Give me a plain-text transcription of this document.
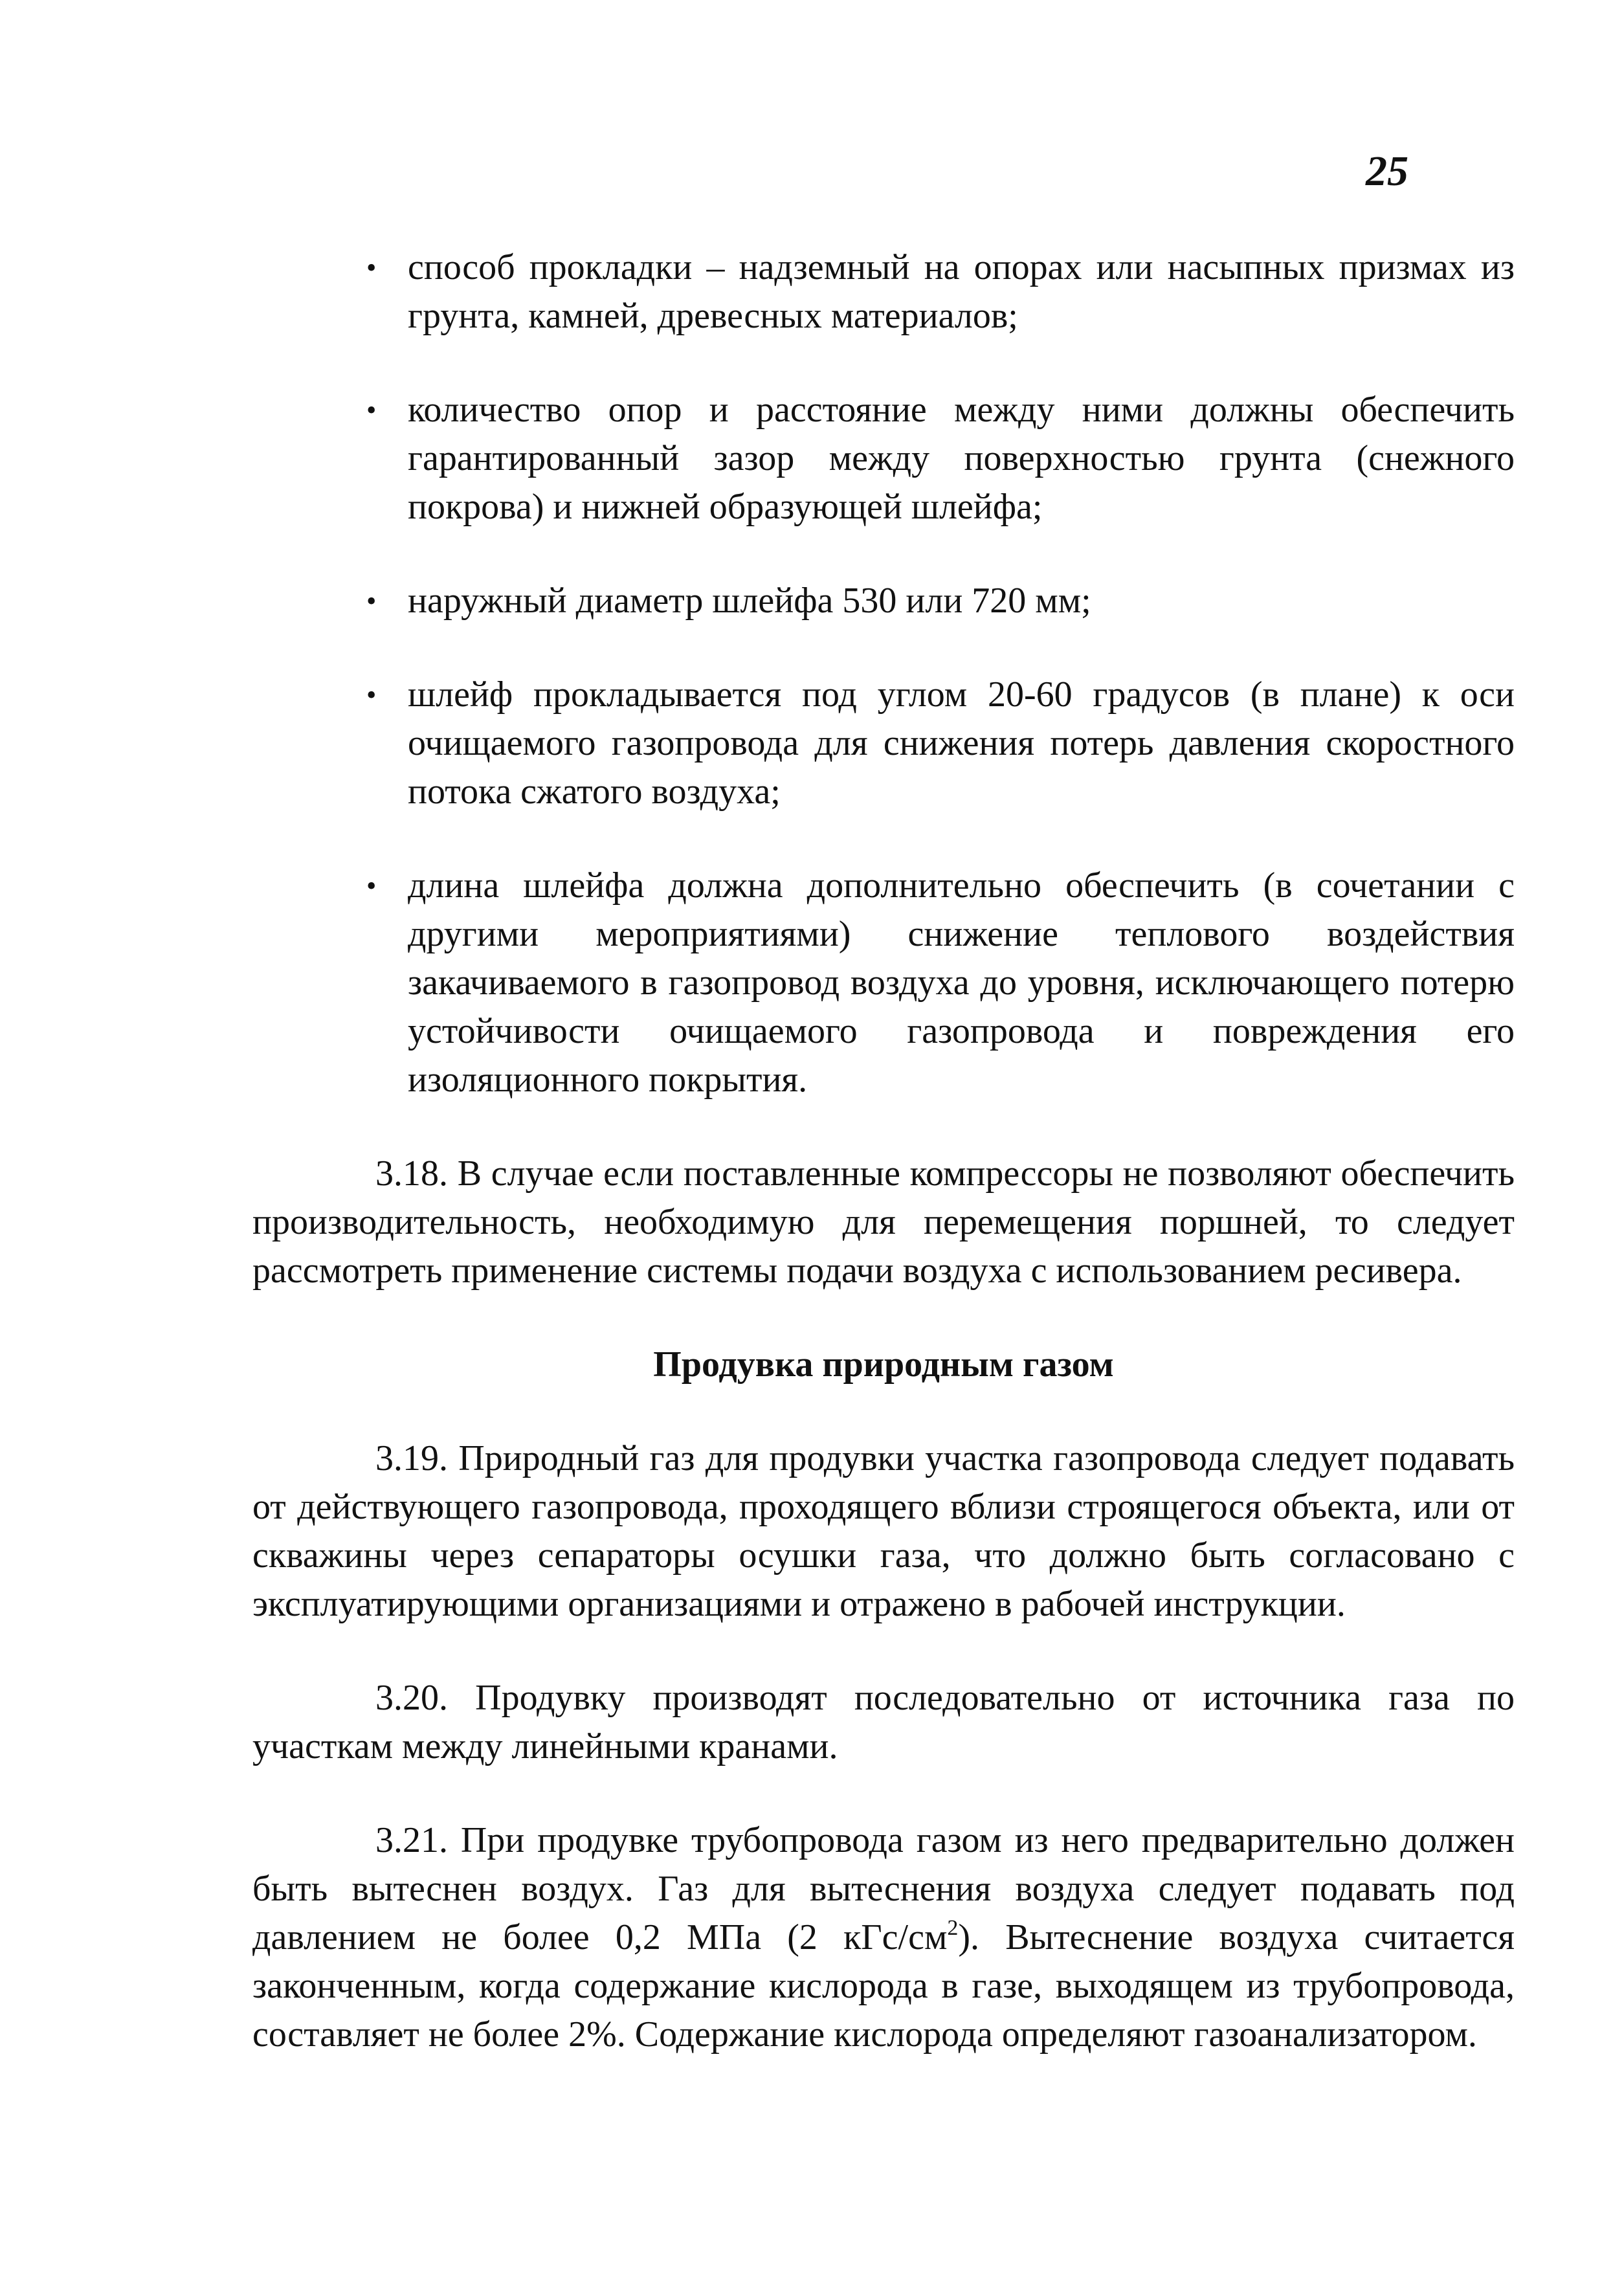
25
• способ прокладки – надземный на опорах или насыпных призмах из грунта, камней, древесных материалов;
• количество опор и расстояние между ними должны обеспечить гарантированный зазор между поверхностью грунта (снежного покрова) и нижней образующей шлейфа;
• наружный диаметр шлейфа 530 или 720 мм;
• шлейф прокладывается под углом 20-60 градусов (в плане) к оси очищаемого газопровода для снижения потерь давления скоростного потока сжатого воздуха;
• длина шлейфа должна дополнительно обеспечить (в сочетании с другими мероприятиями) снижение теплового воздействия закачиваемого в газопровод воздуха до уровня, исключающего потерю устойчивости очищаемого газопровода и повреждения его изоляционного покрытия.

3.18. В случае если поставленные компрессоры не позволяют обеспечить производительность, необходимую для перемещения поршней, то следует рассмотреть применение системы подачи воздуха с использованием ресивера.

Продувка природным газом

3.19. Природный газ для продувки участка газопровода следует подавать от действующего газопровода, проходящего вблизи строящегося объекта, или от скважины через сепараторы осушки газа, что должно быть согласовано с эксплуатирующими организациями и отражено в рабочей инструкции.

3.20. Продувку производят последовательно от источника газа по участкам между линейными кранами.

3.21. При продувке трубопровода газом из него предварительно должен быть вытеснен воздух. Газ для вытеснения воздуха следует подавать под давлением не более 0,2 МПа (2 кГс/$см^2$). Вытеснение воздуха считается законченным, когда содержание кислорода в газе, выходящем из трубопровода, составляет не более 2%. Содержание кислорода определяют газоанализатором.
